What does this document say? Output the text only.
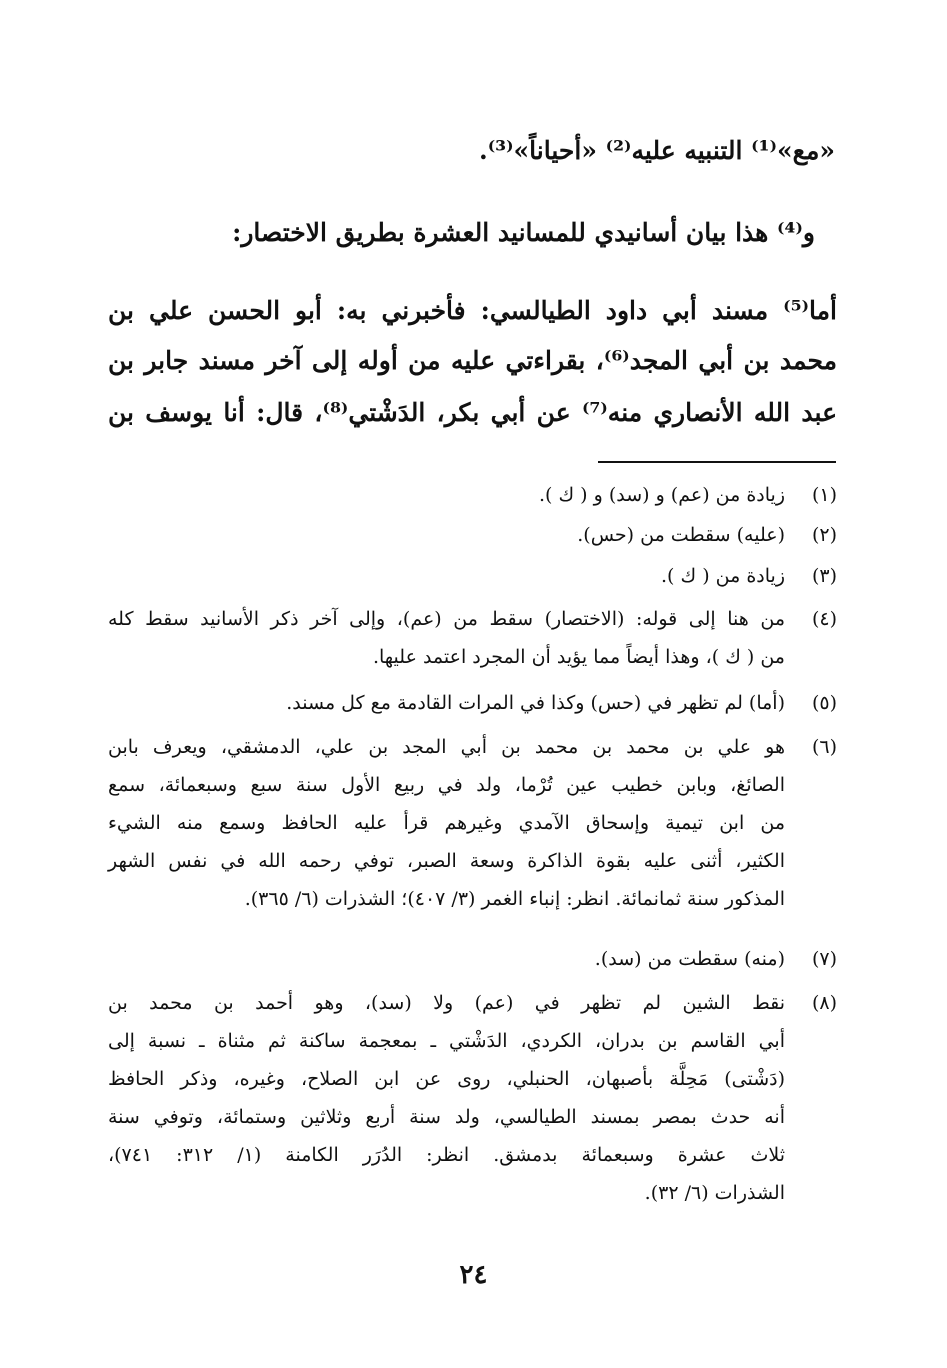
«مع»⁽¹⁾ التنبيه عليه⁽²⁾ «أحياناً»⁽³⁾.
و⁽⁴⁾ هذا بيان أسانيدي للمسانيد العشرة بطريق الاختصار:
أما⁽⁵⁾ مسند أبي داود الطيالسي: فأخبرني به: أبو الحسن علي بن
محمد بن أبي المجد⁽⁶⁾، بقراءتي عليه من أوله إلى آخر مسند جابر بن
عبد الله الأنصاري منه⁽⁷⁾ عن أبي بكر، الدَشْتي⁽⁸⁾، قال: أنا يوسف بن
(١)
زيادة من (عم) و (سد) و ( ك ).
(٢)
(عليه) سقطت من (حس).
(٣)
زيادة من ( ك ).
(٤)
من هنا إلى قوله: (الاختصار) سقط من (عم)، وإلى آخر ذكر الأسانيد سقط كله
من ( ك )، وهذا أيضاً مما يؤيد أن المجرد اعتمد عليها.
(٥)
(أما) لم تظهر في (حس) وكذا في المرات القادمة مع كل مسند.
(٦)
هو علي بن محمد بن محمد بن أبي المجد بن علي، الدمشقي، ويعرف بابن
الصائغ، وبابن خطيب عين تُرْما، ولد في ربيع الأول سنة سبع وسبعمائة، سمع
من ابن تيمية وإسحاق الآمدي وغيرهم قرأ عليه الحافظ وسمع منه الشيء
الكثير، أثنى عليه بقوة الذاكرة وسعة الصبر، توفي رحمه الله في نفس الشهر
المذكور سنة ثمانمائة. انظر: إنباء الغمر (٣/ ٤٠٧)؛ الشذرات (٦/ ٣٦٥).
(٧)
(منه) سقطت من (سد).
(٨)
نقط الشين لم تظهر في (عم) ولا (سد)، وهو أحمد بن محمد بن
أبي القاسم بن بدران، الكردي، الدَشْتي ـ بمعجمة ساكنة ثم مثناة ـ نسبة إلى
(دَشْتى) مَحِلَّة بأصبهان، الحنبلي، روى عن ابن الصلاح، وغيره، وذكر الحافظ
أنه حدث بمصر بمسند الطيالسي، ولد سنة أربع وثلاثين وستمائة، وتوفي سنة
ثلاث عشرة وسبعمائة بدمشق. انظر: الدُرَر الكامنة (١/ ٣١٢: ٧٤١)،
الشذرات (٦/ ٣٢).
٢٤
